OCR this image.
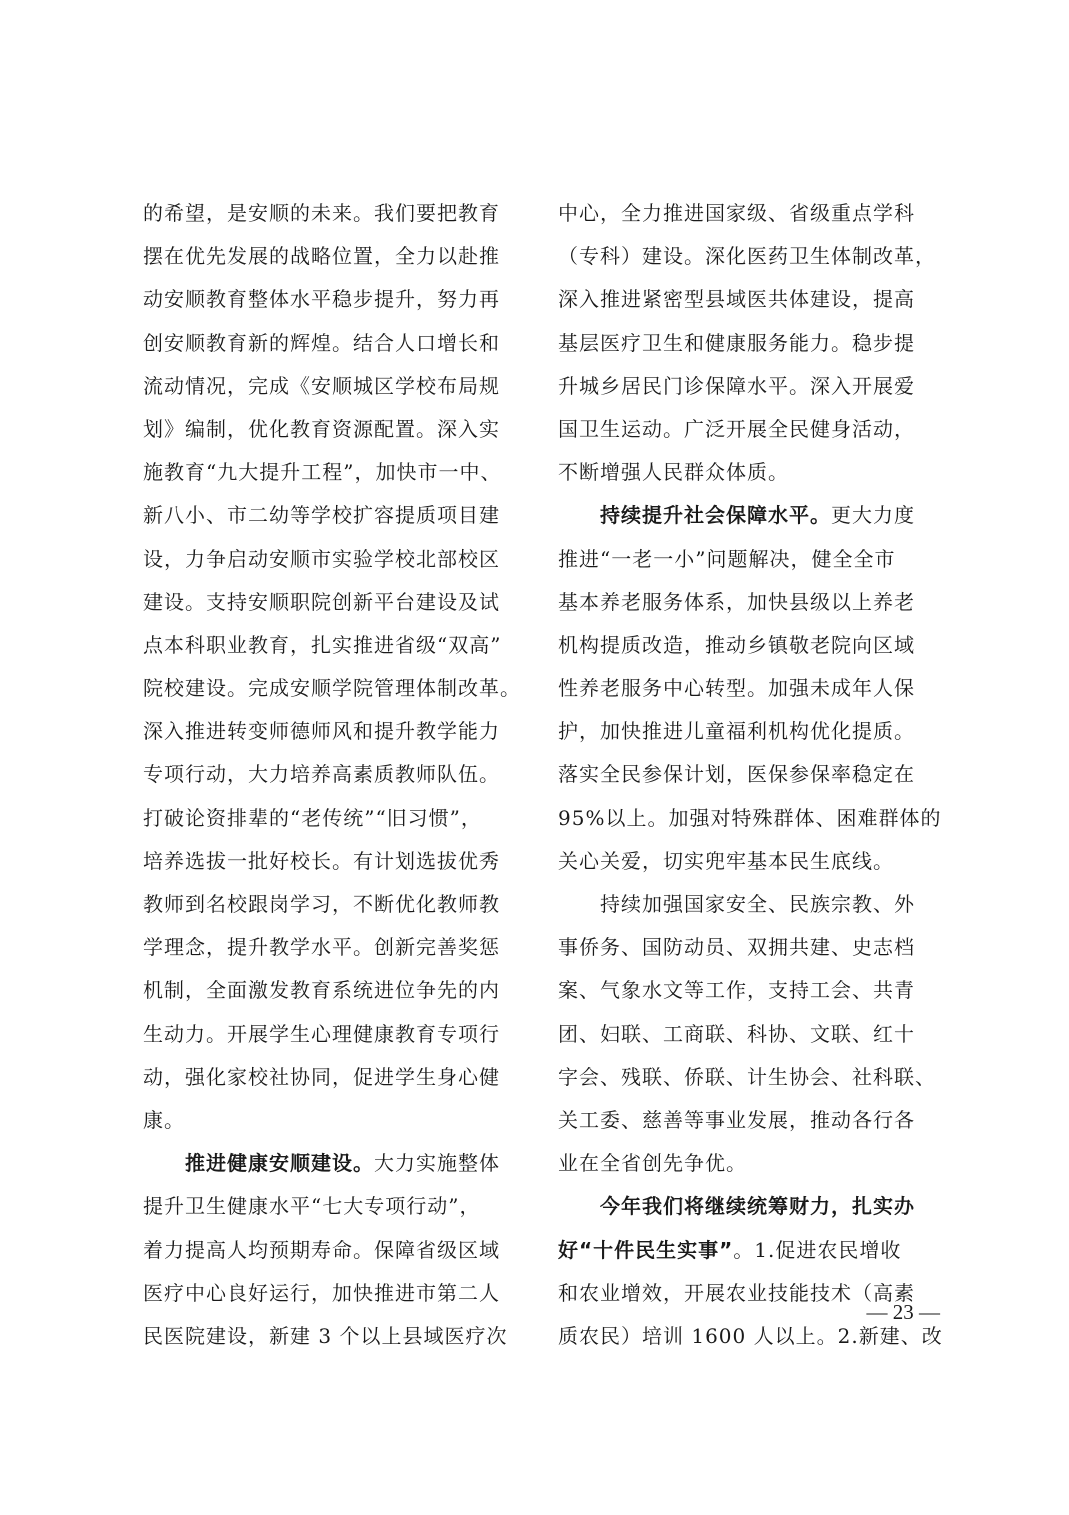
的希望，是安顺的未来。我们要把教育
摆在优先发展的战略位置，全力以赴推
动安顺教育整体水平稳步提升，努力再
创安顺教育新的辉煌。结合人口增长和
流动情况，完成《安顺城区学校布局规
划》编制，优化教育资源配置。深入实
施教育“九大提升工程”，加快市一中、
新八小、市二幼等学校扩容提质项目建
设，力争启动安顺市实验学校北部校区
建设。支持安顺职院创新平台建设及试
点本科职业教育，扎实推进省级“双高”
院校建设。完成安顺学院管理体制改革。
深入推进转变师德师风和提升教学能力
专项行动，大力培养高素质教师队伍。
打破论资排辈的“老传统”“旧习惯”，
培养选拔一批好校长。有计划选拔优秀
教师到名校跟岗学习，不断优化教师教
学理念，提升教学水平。创新完善奖惩
机制，全面激发教育系统进位争先的内
生动力。开展学生心理健康教育专项行
动，强化家校社协同，促进学生身心健
康。
推进健康安顺建设。大力实施整体
提升卫生健康水平“七大专项行动”，
着力提高人均预期寿命。保障省级区域
医疗中心良好运行，加快推进市第二人
民医院建设，新建 3 个以上县域医疗次
中心，全力推进国家级、省级重点学科
（专科）建设。深化医药卫生体制改革，
深入推进紧密型县域医共体建设，提高
基层医疗卫生和健康服务能力。稳步提
升城乡居民门诊保障水平。深入开展爱
国卫生运动。广泛开展全民健身活动，
不断增强人民群众体质。
持续提升社会保障水平。更大力度
推进“一老一小”问题解决，健全全市
基本养老服务体系，加快县级以上养老
机构提质改造，推动乡镇敬老院向区域
性养老服务中心转型。加强未成年人保
护，加快推进儿童福利机构优化提质。
落实全民参保计划，医保参保率稳定在
95%以上。加强对特殊群体、困难群体的
关心关爱，切实兜牢基本民生底线。
持续加强国家安全、民族宗教、外
事侨务、国防动员、双拥共建、史志档
案、气象水文等工作，支持工会、共青
团、妇联、工商联、科协、文联、红十
字会、残联、侨联、计生协会、社科联、
关工委、慈善等事业发展，推动各行各
业在全省创先争优。
今年我们将继续统筹财力，扎实办
好“十件民生实事”。1.促进农民增收
和农业增效，开展农业技能技术（高素
质农民）培训 1600 人以上。2.新建、改
— 23 —
